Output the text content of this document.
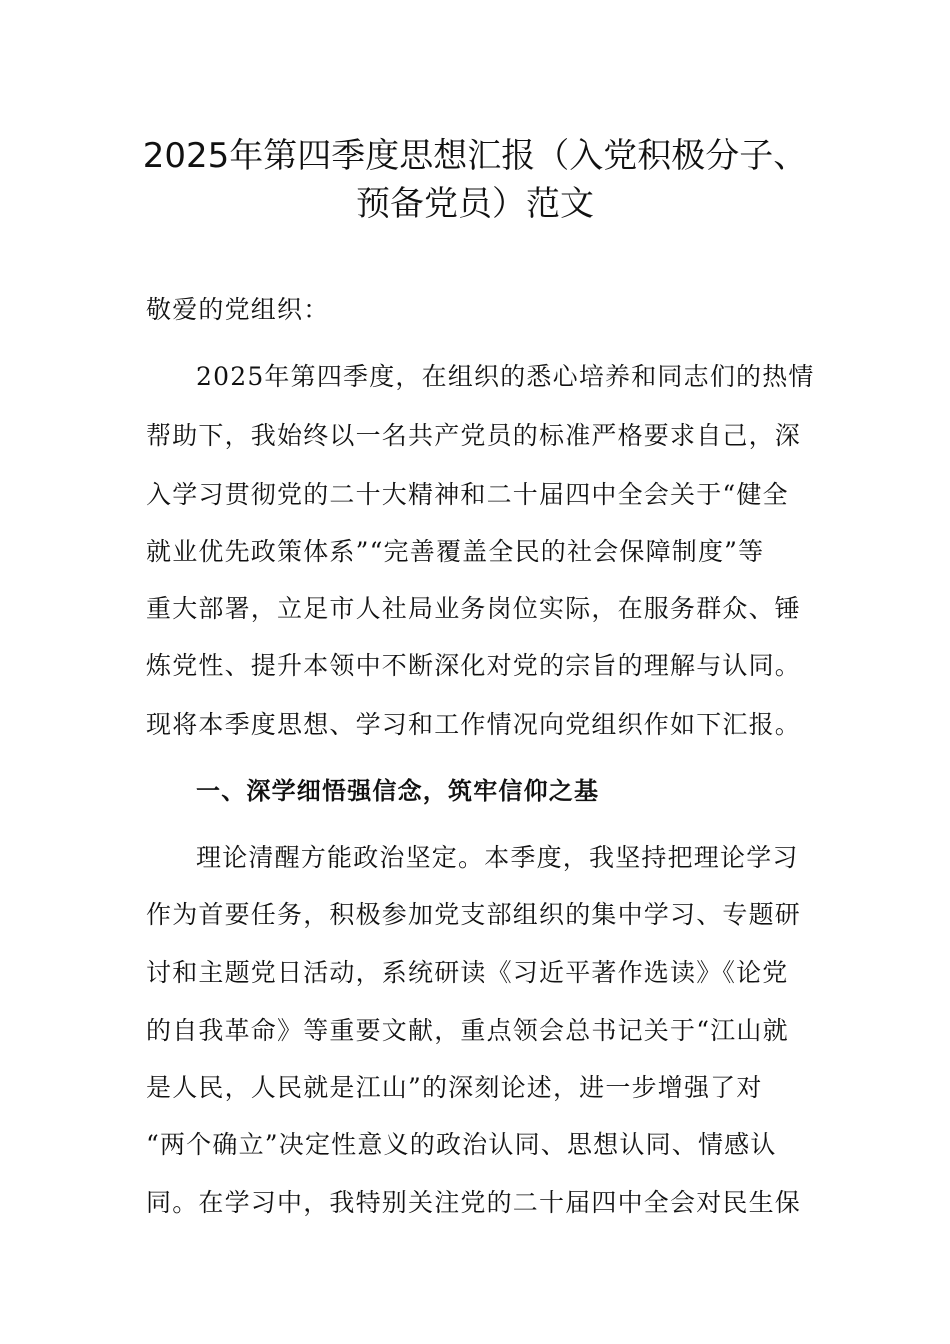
2025年第四季度思想汇报（入党积极分子、
预备党员）范文
敬爱的党组织：
2025年第四季度，在组织的悉心培养和同志们的热情
帮助下，我始终以一名共产党员的标准严格要求自己，深
入学习贯彻党的二十大精神和二十届四中全会关于“健全
就业优先政策体系”“完善覆盖全民的社会保障制度”等
重大部署，立足市人社局业务岗位实际，在服务群众、锤
炼党性、提升本领中不断深化对党的宗旨的理解与认同。
现将本季度思想、学习和工作情况向党组织作如下汇报。
一、深学细悟强信念，筑牢信仰之基
理论清醒方能政治坚定。本季度，我坚持把理论学习
作为首要任务，积极参加党支部组织的集中学习、专题研
讨和主题党日活动，系统研读《习近平著作选读》《论党
的自我革命》等重要文献，重点领会总书记关于“江山就
是人民，人民就是江山”的深刻论述，进一步增强了对
“两个确立”决定性意义的政治认同、思想认同、情感认
同。在学习中，我特别关注党的二十届四中全会对民生保
